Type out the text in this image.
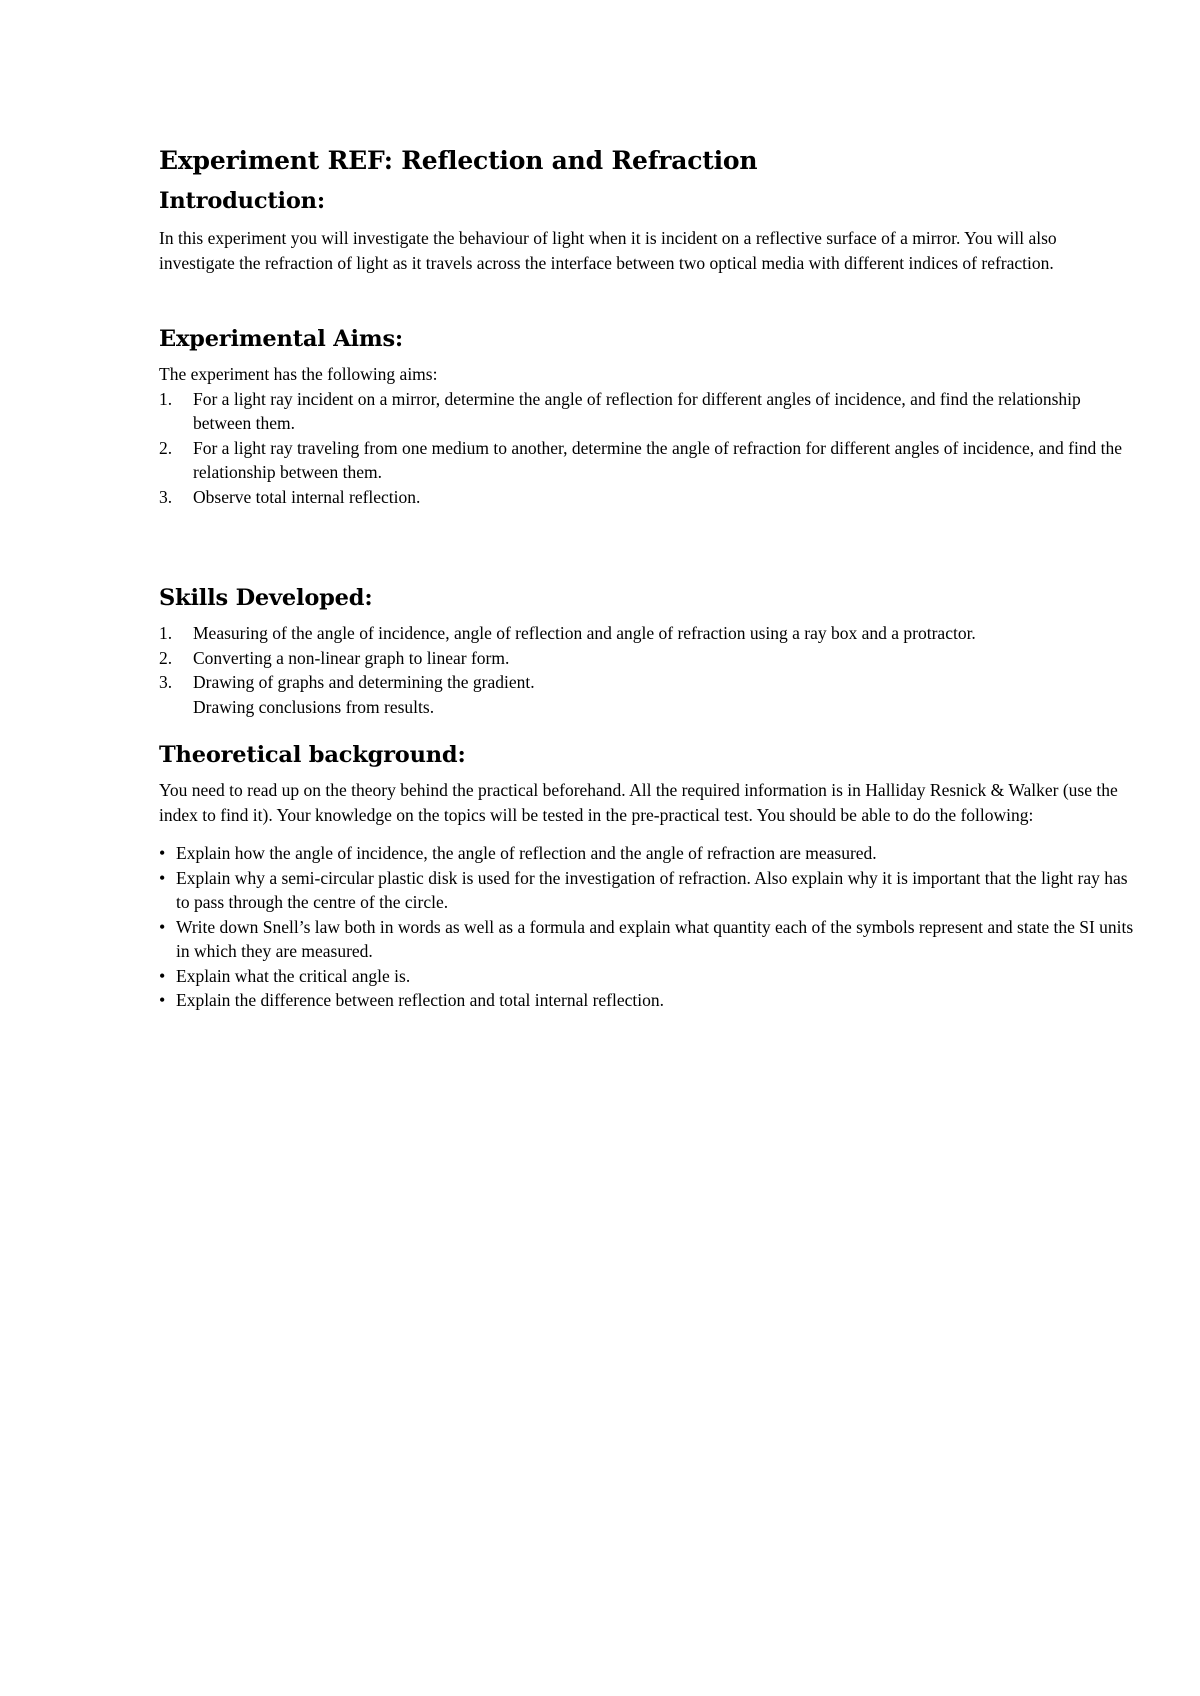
Experiment REF: Reflection and Refraction
Introduction:

In this experiment you will investigate the behaviour of light when it is incident on a reflective surface of a mirror. You will also investigate the refraction of light as it travels across the interface between two optical media with different indices of refraction.

Experimental Aims:

The experiment has the following aims:

1. For a light ray incident on a mirror, determine the angle of reflection for different angles of incidence, and find the relationship between them.
2. For a light ray traveling from one medium to another, determine the angle of refraction for different angles of incidence, and find the relationship between them.
3. Observe total internal reflection.
Skills Developed:
1. Measuring of the angle of incidence, angle of reflection and angle of refraction using a ray box and a protractor.
2. Converting a non-linear graph to linear form.
3. Drawing of graphs and determining the gradient.
Drawing conclusions from results.
Theoretical background:

You need to read up on the theory behind the practical beforehand. All the required information is in Halliday Resnick & Walker (use the index to find it). Your knowledge on the topics will be tested in the pre-practical test. You should be able to do the following:

• Explain how the angle of incidence, the angle of reflection and the angle of refraction are measured.
• Explain why a semi-circular plastic disk is used for the investigation of refraction. Also explain why it is important that the light ray has to pass through the centre of the circle.
• Write down Snell’s law both in words as well as a formula and explain what quantity each of the symbols represent and state the SI units in which they are measured.
• Explain what the critical angle is.
• Explain the difference between reflection and total internal reflection.
